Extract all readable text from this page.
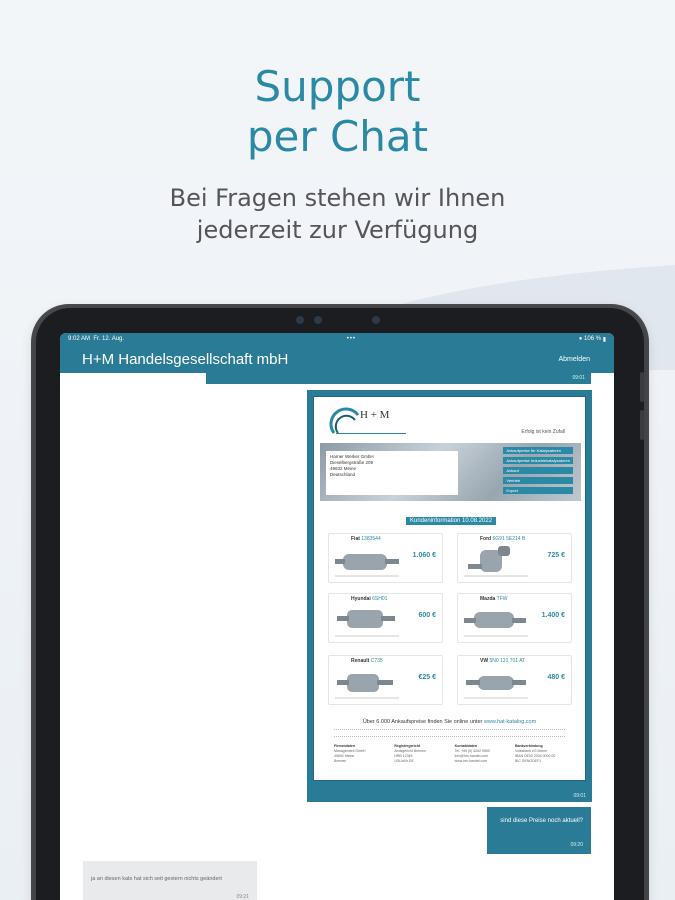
Support
per Chat
Bei Fragen stehen wir Ihnen
jederzeit zur Verfügung
9:02 AM
Fr. 12. Aug.	•••	● 106 % ▮
H+M Handelsgesellschaft mbH	Abmelden
09:01
H + M
Erfolg ist kein Zufall
Harner Werker GmbH
Dieselbergstraße 209
49632 Meine
Deutschland
Ankaufpreise für Katalysatoren
Ankaufpreise Industriekatalysatoren
Ankauf
Vertrieb
Export
Kundeninformation 10.08.2022
Fiat 1383544
1.060 €
Ford 6G91 5E214 B
725 €
Hyundai 6SH01
600 €
Mazda TFW
1.400 €
Renault C735
€25 €
VW 5N0 131 701 AT
480 €
Über 6.000 Ankaufspreise finden Sie online unter www.hat-katalog.com
Firmendaten
Management GmbH
49692 Meine
Bremen
Registergericht
Amtsgericht Bremen
HRB 12345
USt-IdNr DE
Kontaktdaten
Tel. +49 (0) 4262 9550
info@hm-handel.com
www.hm-handel.com
Bankverbindung
Volksbank eG Meine
IBAN DE00 2000 0000 00
BIC GENODEF1
09:01
sind diese Preise noch aktuell?
09:20
ja an diesen kats hat sich seit gestern nichts geändert
09:21
